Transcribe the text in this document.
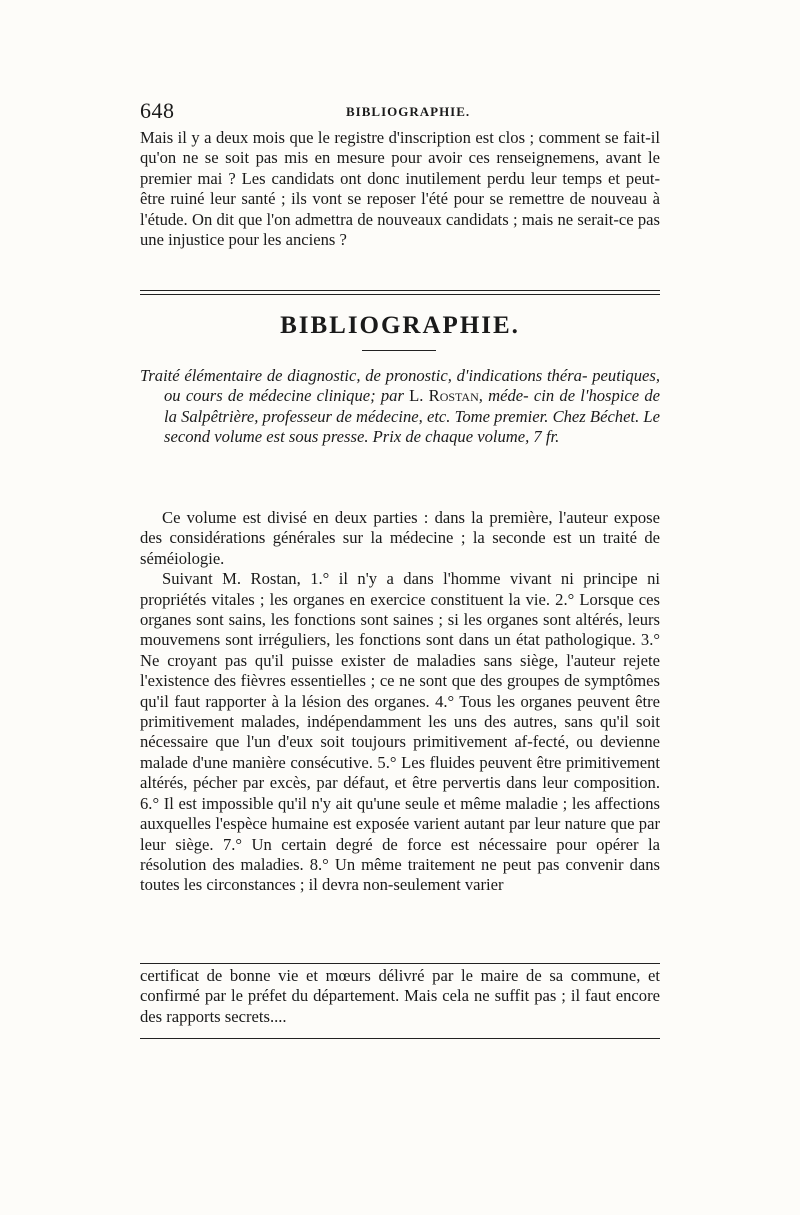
648	BIBLIOGRAPHIE.

Mais il y a deux mois que le registre d'inscription est clos ; comment se fait-il qu'on ne se soit pas mis en mesure pour avoir ces renseignemens, avant le premier mai ? Les candidats ont donc inutilement perdu leur temps et peut-être ruiné leur santé ; ils vont se reposer l'été pour se remettre de nouveau à l'étude. On dit que l'on admettra de nouveaux candidats ; mais ne serait-ce pas une injustice pour les anciens ?

BIBLIOGRAPHIE.

Traité élémentaire de diagnostic, de pronostic, d'indications théra- peutiques, ou cours de médecine clinique; par L. Rostan, méde- cin de l'hospice de la Salpêtrière, professeur de médecine, etc. Tome premier. Chez Béchet. Le second volume est sous presse. Prix de chaque volume, 7 fr.

Ce volume est divisé en deux parties : dans la première, l'auteur expose des considérations générales sur la médecine ; la seconde est un traité de séméiologie.

Suivant M. Rostan, 1.° il n'y a dans l'homme vivant ni principe ni propriétés vitales ; les organes en exercice constituent la vie. 2.° Lorsque ces organes sont sains, les fonctions sont saines ; si les organes sont altérés, leurs mouvemens sont irréguliers, les fonctions sont dans un état pathologique. 3.° Ne croyant pas qu'il puisse exister de maladies sans siège, l'auteur rejete l'existence des fièvres essentielles ; ce ne sont que des groupes de symptômes qu'il faut rapporter à la lésion des organes. 4.° Tous les organes peuvent être primitivement malades, indépendamment les uns des autres, sans qu'il soit nécessaire que l'un d'eux soit toujours primitivement af-fecté, ou devienne malade d'une manière consécutive. 5.° Les fluides peuvent être primitivement altérés, pécher par excès, par défaut, et être pervertis dans leur composition. 6.° Il est impossible qu'il n'y ait qu'une seule et même maladie ; les affections auxquelles l'espèce humaine est exposée varient autant par leur nature que par leur siège. 7.° Un certain degré de force est nécessaire pour opérer la résolution des maladies. 8.° Un même traitement ne peut pas convenir dans toutes les circonstances ; il devra non-seulement varier

certificat de bonne vie et mœurs délivré par le maire de sa commune, et confirmé par le préfet du département. Mais cela ne suffit pas ; il faut encore des rapports secrets....
